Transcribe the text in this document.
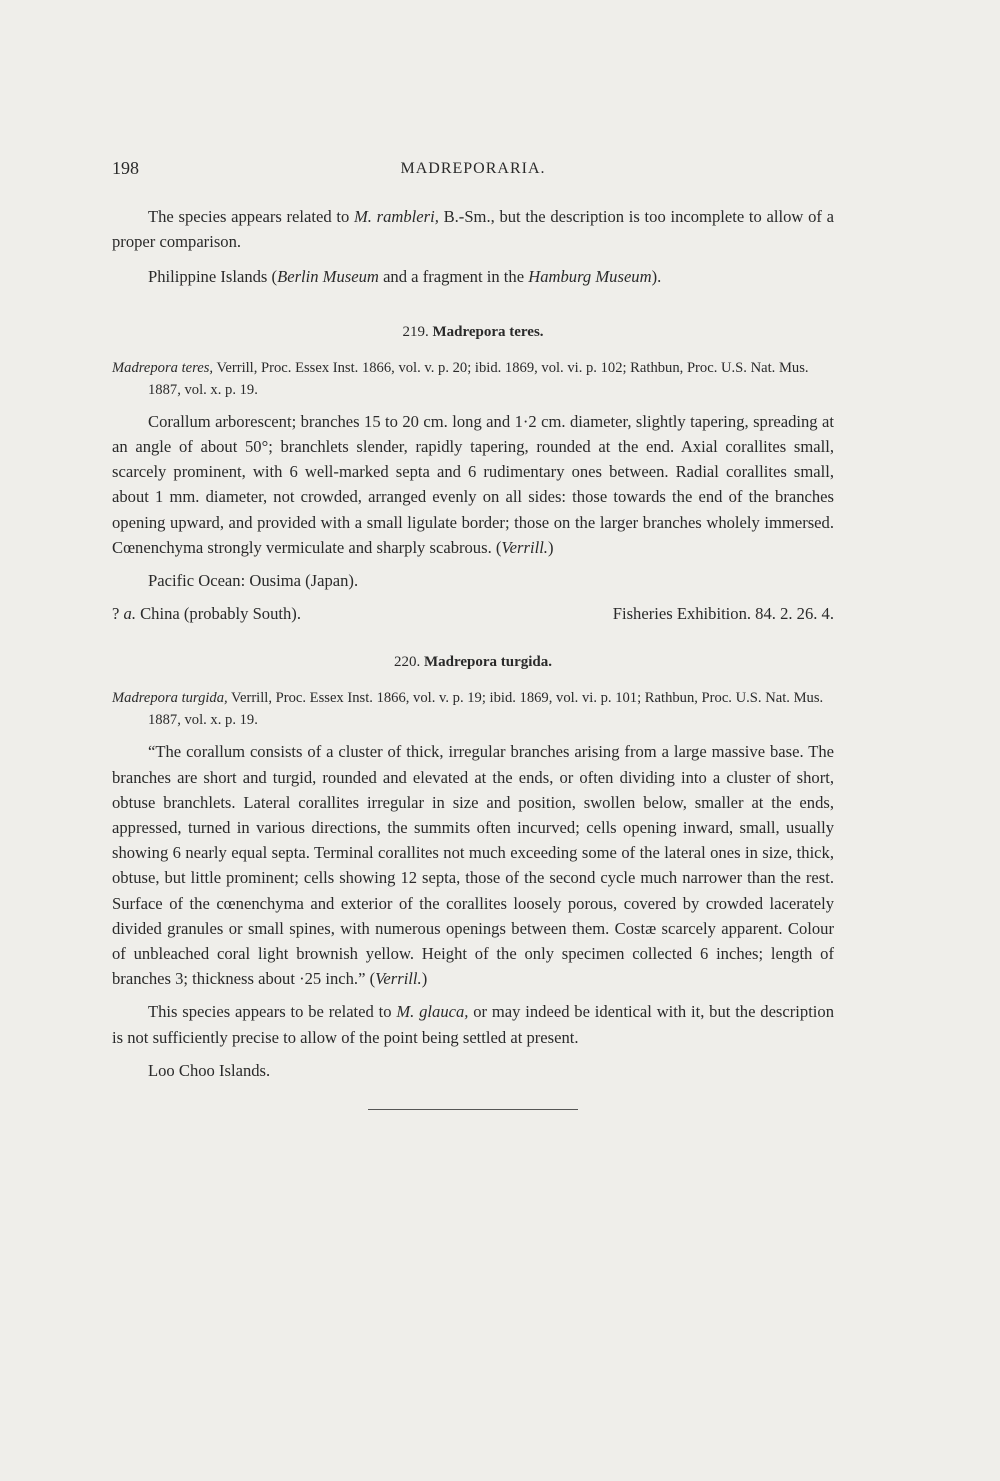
198	MADREPORARIA.

The species appears related to M. rambleri, B.-Sm., but the description is too incomplete to allow of a proper comparison.

Philippine Islands (Berlin Museum and a fragment in the Hamburg Museum).

219. Madrepora teres.

Madrepora teres, Verrill, Proc. Essex Inst. 1866, vol. v. p. 20; ibid. 1869, vol. vi. p. 102; Rathbun, Proc. U.S. Nat. Mus. 1887, vol. x. p. 19.

Corallum arborescent; branches 15 to 20 cm. long and 1·2 cm. diameter, slightly tapering, spreading at an angle of about 50°; branchlets slender, rapidly tapering, rounded at the end. Axial corallites small, scarcely prominent, with 6 well-marked septa and 6 rudimentary ones between. Radial corallites small, about 1 mm. diameter, not crowded, arranged evenly on all sides: those towards the end of the branches opening upward, and provided with a small ligulate border; those on the larger branches wholely immersed. Cœnenchyma strongly vermiculate and sharply scabrous. (Verrill.)

Pacific Ocean: Ousima (Japan).

? a. China (probably South).	Fisheries Exhibition. 84. 2. 26. 4.
220. Madrepora turgida.

Madrepora turgida, Verrill, Proc. Essex Inst. 1866, vol. v. p. 19; ibid. 1869, vol. vi. p. 101; Rathbun, Proc. U.S. Nat. Mus. 1887, vol. x. p. 19.

“The corallum consists of a cluster of thick, irregular branches arising from a large massive base. The branches are short and turgid, rounded and elevated at the ends, or often dividing into a cluster of short, obtuse branchlets. Lateral corallites irregular in size and position, swollen below, smaller at the ends, appressed, turned in various directions, the summits often incurved; cells opening inward, small, usually showing 6 nearly equal septa. Terminal corallites not much exceeding some of the lateral ones in size, thick, obtuse, but little prominent; cells showing 12 septa, those of the second cycle much narrower than the rest. Surface of the cœnenchyma and exterior of the corallites loosely porous, covered by crowded lacerately divided granules or small spines, with numerous openings between them. Costæ scarcely apparent. Colour of unbleached coral light brownish yellow. Height of the only specimen collected 6 inches; length of branches 3; thickness about ·25 inch.” (Verrill.)

This species appears to be related to M. glauca, or may indeed be identical with it, but the description is not sufficiently precise to allow of the point being settled at present.

Loo Choo Islands.
